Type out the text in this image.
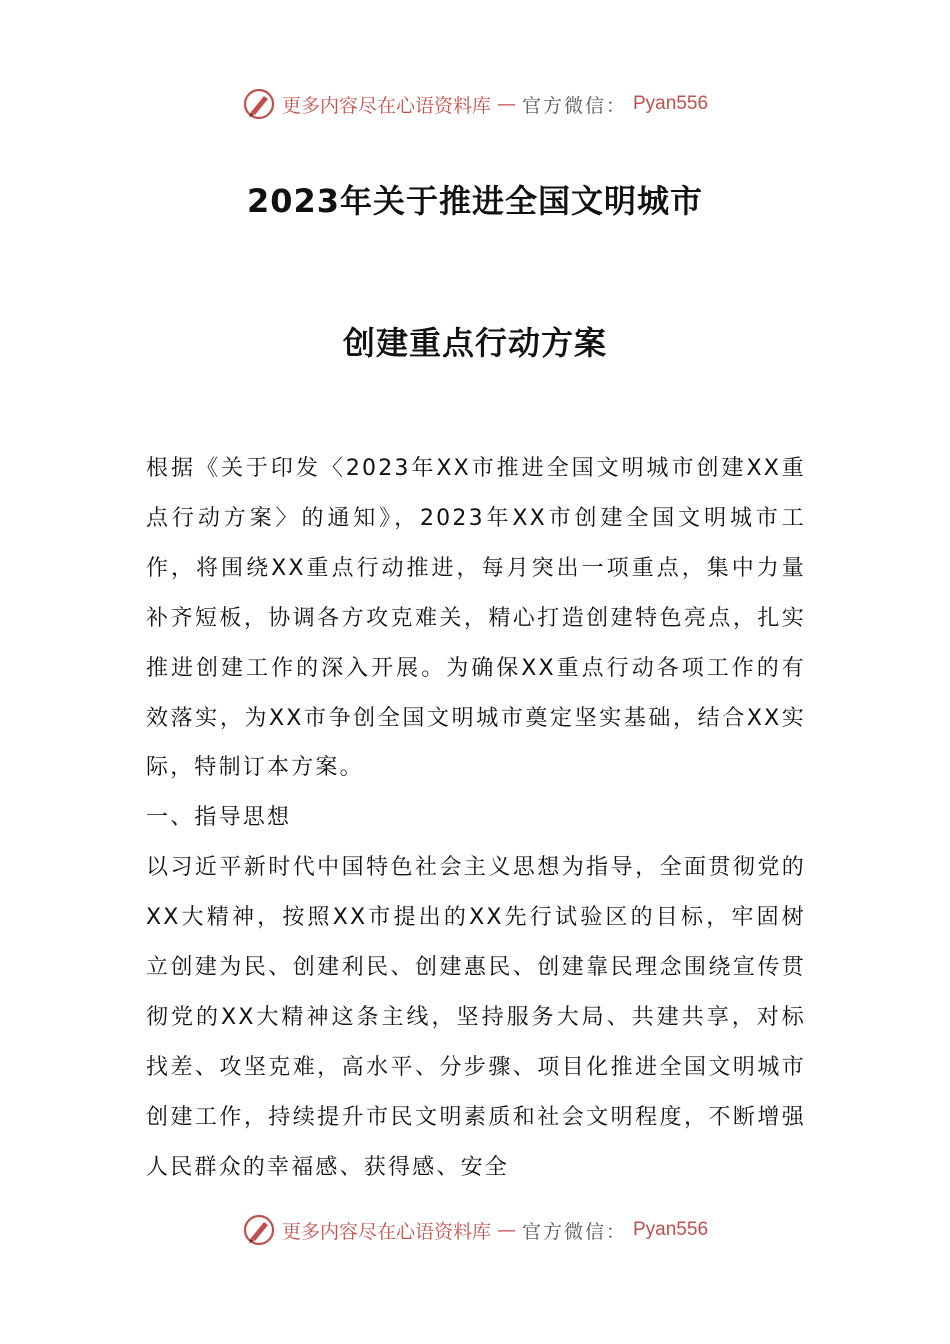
更多内容尽在心语资料库 — 官方微信： Pyan556
2023年关于推进全国文明城市
创建重点行动方案

根据《关于印发〈2023年XX市推进全国文明城市创建XX重点行动方案〉的通知》，2023年XX市创建全国文明城市工作，将围绕XX重点行动推进，每月突出一项重点，集中力量补齐短板，协调各方攻克难关，精心打造创建特色亮点，扎实推进创建工作的深入开展。为确保XX重点行动各项工作的有效落实，为XX市争创全国文明城市奠定坚实基础，结合XX实际，特制订本方案。

一、指导思想

以习近平新时代中国特色社会主义思想为指导，全面贯彻党的XX大精神，按照XX市提出的XX先行试验区的目标，牢固树立创建为民、创建利民、创建惠民、创建靠民理念围绕宣传贯彻党的XX大精神这条主线，坚持服务大局、共建共享，对标找差、攻坚克难，高水平、分步骤、项目化推进全国文明城市创建工作，持续提升市民文明素质和社会文明程度，不断增强人民群众的幸福感、获得感、安全

更多内容尽在心语资料库 — 官方微信： Pyan556
